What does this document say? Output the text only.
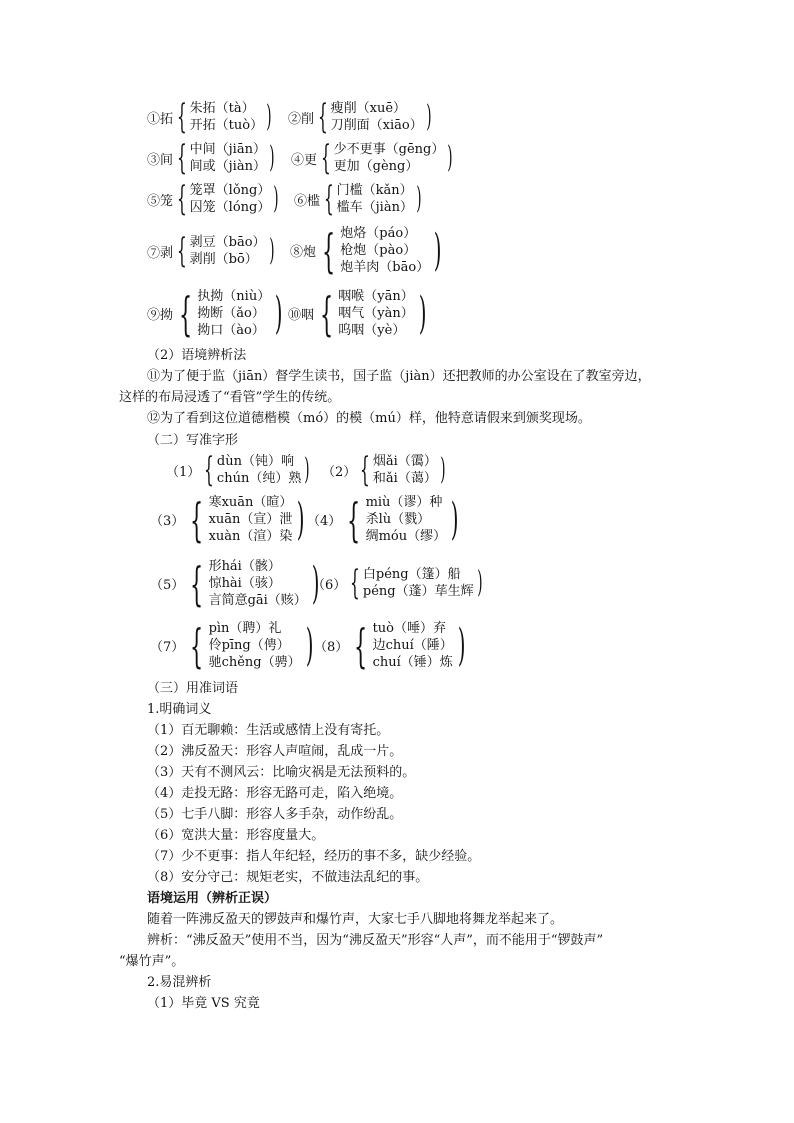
①拓 { 朱拓（tà）
开拓（tuò） ) ②削 { 瘦削（xuē）
刀削面（xiāo） )
③间 { 中间（jiān）
间或（jiàn） ) ④更 { 少不更事（gēng）
更加（gèng） )
⑤笼 { 笼罩（lǒng）
囚笼（lóng） ) ⑥槛 { 门槛（kǎn）
槛车（jiàn） )
⑦剥 { 剥豆（bāo）
剥削（bō） ) ⑧炮 { 炮烙（páo）
枪炮（pào）
炮羊肉（bāo） )
⑨拗 { 执拗（niù）
拗断（ǎo）
拗口（ào） ) ⑩咽 { 咽喉（yān）
咽气（yàn）
呜咽（yè） )
（2）语境辨析法
⑪为了便于监（jiān）督学生读书，国子监（jiàn）还把教师的办公室设在了教室旁边，
这样的布局浸透了“看管”学生的传统。
⑫为了看到这位道德楷模（mó）的模（mú）样，他特意请假来到颁奖现场。
（二）写准字形
（1） { dùn（钝）响
chún（纯）熟 ) （2） { 烟ǎi（霭）
和ǎi（蔼） )
（3） { 寒xuān（暄）
xuān（宣）泄
xuàn（渲）染 ) （4） { miù（谬）种
杀lù（戮）
绸móu（缪） )
（5） { 形hái（骸）
惊hài（骇）
言简意gāi（赅） )
（6） { 白péng（篷）船
péng（蓬）荜生辉 )
（7） { pìn（聘）礼
伶pīng（俜）
驰chěng（骋） ) （8） { tuò（唾）弃
边chuí（陲）
chuí（锤）炼 )
（三）用准词语
1.明确词义
（1）百无聊赖：生活或感情上没有寄托。
（2）沸反盈天：形容人声喧闹，乱成一片。
（3）天有不测风云：比喻灾祸是无法预料的。
（4）走投无路：形容无路可走，陷入绝境。
（5）七手八脚：形容人多手杂，动作纷乱。
（6）宽洪大量：形容度量大。
（7）少不更事：指人年纪轻，经历的事不多，缺少经验。
（8）安分守己：规矩老实，不做违法乱纪的事。
语境运用（辨析正误）
随着一阵沸反盈天的锣鼓声和爆竹声，大家七手八脚地将舞龙举起来了。
辨析：“沸反盈天”使用不当，因为“沸反盈天”形容“人声”，而不能用于“锣鼓声”
“爆竹声”。
2.易混辨析
（1）毕竟 VS 究竟
